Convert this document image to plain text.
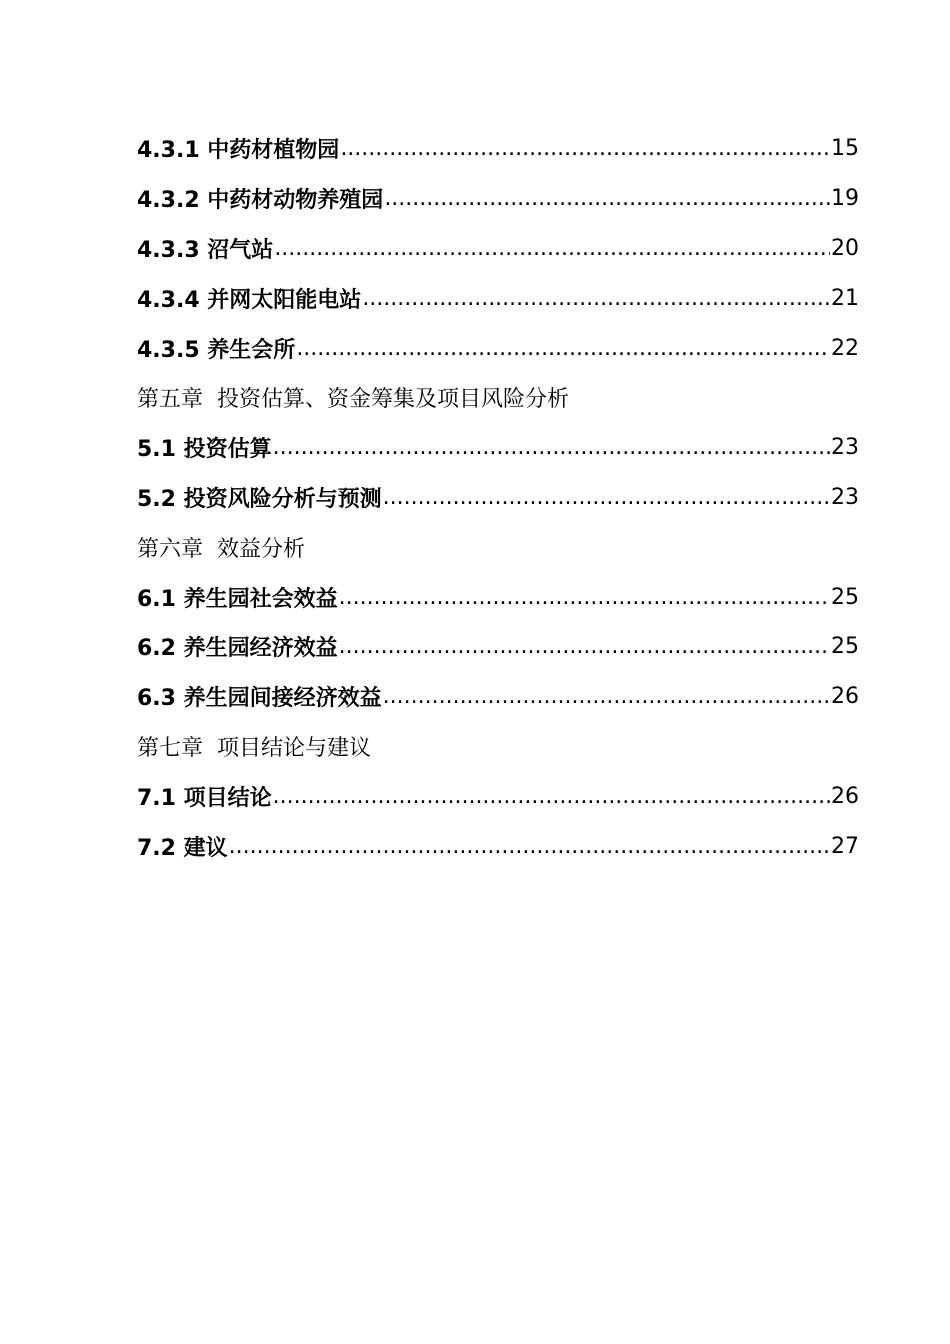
4.3.1 中药材植物园 .....	15
4.3.2 中药材动物养殖园 .....	19
4.3.3 沼气站 .....	20
4.3.4 并网太阳能电站 .....	21
4.3.5 养生会所 .....	22
第五章  投资估算、资金筹集及项目风险分析
5.1 投资估算 .....	23
5.2 投资风险分析与预测 .....	23
第六章  效益分析
6.1 养生园社会效益 .....	25
6.2 养生园经济效益 .....	25
6.3 养生园间接经济效益 .....	26
第七章  项目结论与建议
7.1 项目结论 .....	26
7.2 建议 .....	27
